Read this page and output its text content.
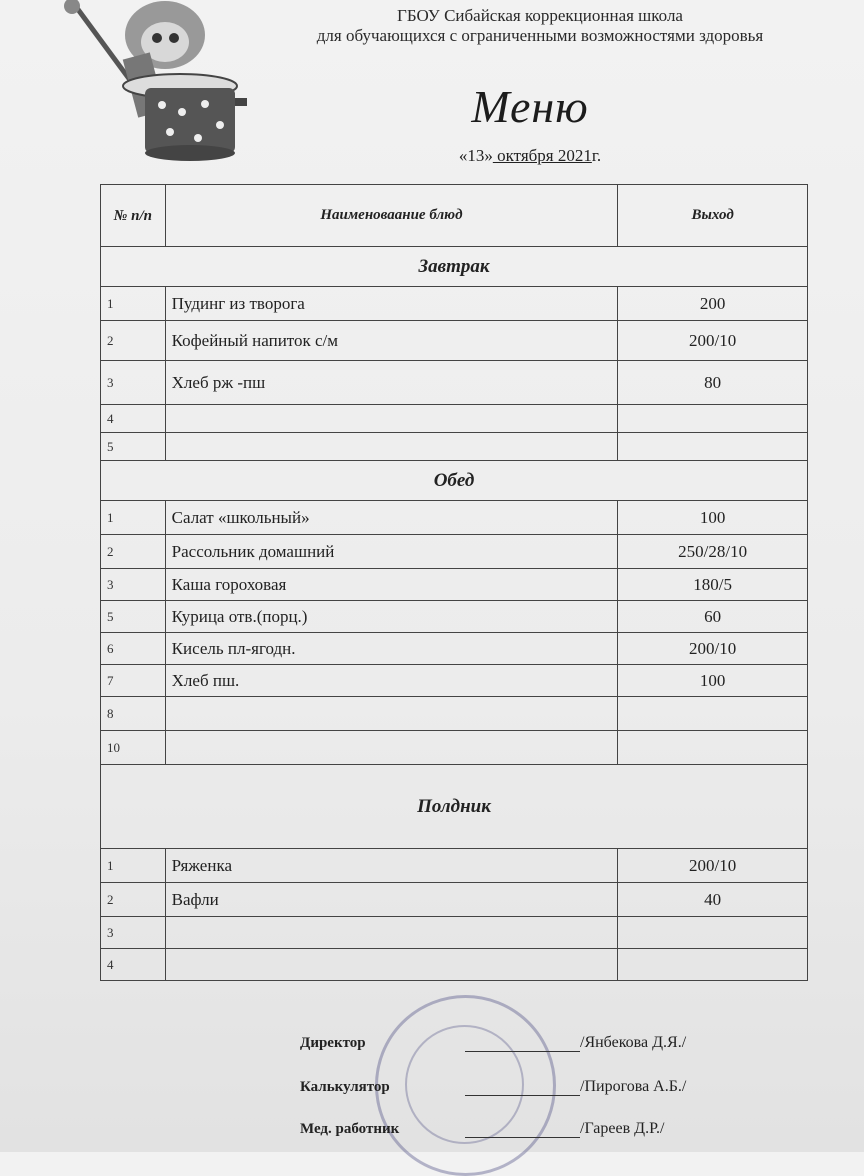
ГБОУ Сибайская коррекционная школа
для обучающихся с ограниченными возможностями здоровья
Меню
«13» октября 2021г.
№ п/п	Наименоваание блюд	Выход
Завтрак		
1	Пудинг из творога	200
2	Кофейный напиток с/м	200/10
3	Хлеб рж -пш	80
4		
5		
Обед		
1	Салат «школьный»	100
2	Рассольник домашний	250/28/10
3	Каша гороховая	180/5
5	Курица отв.(порц.)	60
6	Кисель пл-ягодн.	200/10
7	Хлеб пш.	100
8		
10		
Полдник		
1	Ряженка	200/10
2	Вафли	40
3		
4		
Директор	/Янбекова Д.Я./
Калькулятор	/Пирогова А.Б./
Мед. работник	/Гареев Д.Р./
